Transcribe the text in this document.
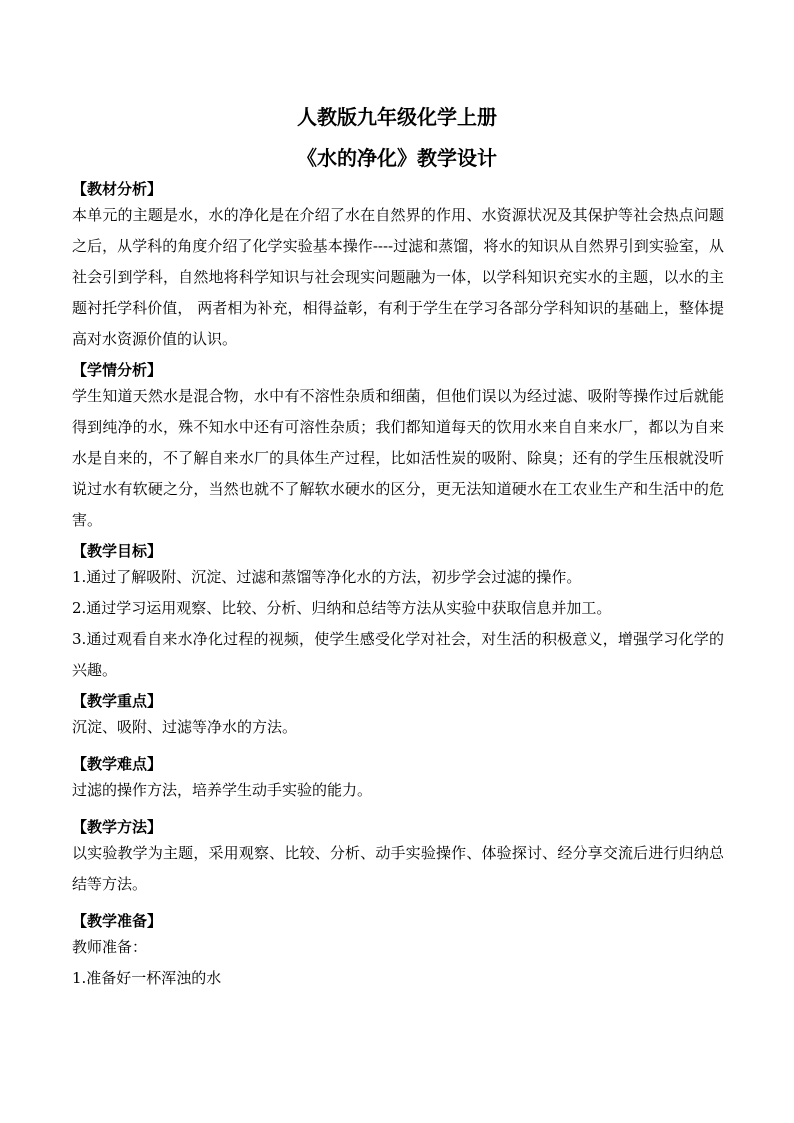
人教版九年级化学上册
《水的净化》教学设计

【教材分析】

本单元的主题是水，水的净化是在介绍了水在自然界的作用、水资源状况及其保护等社会热点问题之后，从学科的角度介绍了化学实验基本操作----过滤和蒸馏，将水的知识从自然界引到实验室，从社会引到学科，自然地将科学知识与社会现实问题融为一体，以学科知识充实水的主题，以水的主题衬托学科价值， 两者相为补充，相得益彰，有利于学生在学习各部分学科知识的基础上，整体提高对水资源价值的认识。

【学情分析】

学生知道天然水是混合物，水中有不溶性杂质和细菌，但他们误以为经过滤、吸附等操作过后就能得到纯净的水，殊不知水中还有可溶性杂质；我们都知道每天的饮用水来自自来水厂，都以为自来水是自来的，不了解自来水厂的具体生产过程，比如活性炭的吸附、除臭；还有的学生压根就没听说过水有软硬之分，当然也就不了解软水硬水的区分，更无法知道硬水在工农业生产和生活中的危害。

【教学目标】

1.通过了解吸附、沉淀、过滤和蒸馏等净化水的方法，初步学会过滤的操作。

2.通过学习运用观察、比较、分析、归纳和总结等方法从实验中获取信息并加工。

3.通过观看自来水净化过程的视频，使学生感受化学对社会，对生活的积极意义，增强学习化学的兴趣。

【教学重点】

沉淀、吸附、过滤等净水的方法。

【教学难点】

过滤的操作方法，培养学生动手实验的能力。

【教学方法】

以实验教学为主题，采用观察、比较、分析、动手实验操作、体验探讨、经分享交流后进行归纳总结等方法。

【教学准备】

教师准备：

1.准备好一杯浑浊的水
